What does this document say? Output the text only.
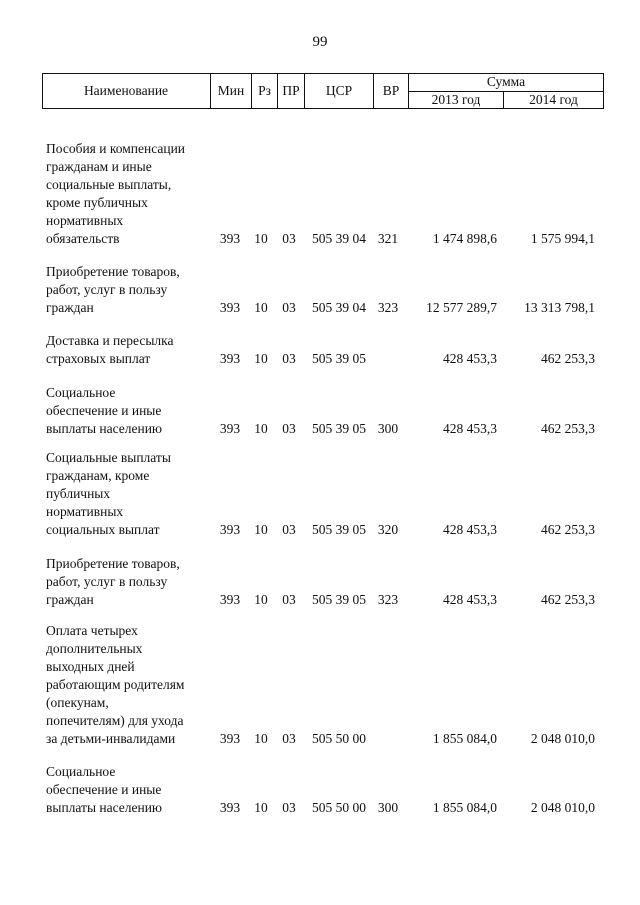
99
Наименование	Мин	Рз ПР	ЦСР	ВР
Сумма
2013 год	2014 год
Пособия и компенсации
гражданам и иные
социальные выплаты,
кроме публичных
нормативных
обязательств	393 10 03	505 39 04 321	1 474 898,6	1 575 994,1
Приобретение товаров,
работ, услуг в пользу
граждан	393 10 03	505 39 04 323	12 577 289,7	13 313 798,1
Доставка и пересылка
страховых выплат	393 10 03	505 39 05	428 453,3	462 253,3
Социальное
обеспечение и иные
выплаты населению	393 10 03	505 39 05 300	428 453,3	462 253,3
Социальные выплаты
гражданам, кроме
публичных
нормативных
социальных выплат	393 10 03	505 39 05 320	428 453,3	462 253,3
Приобретение товаров,
работ, услуг в пользу
граждан	393 10 03	505 39 05 323	428 453,3	462 253,3
Оплата четырех
дополнительных
выходных дней
работающим родителям
(опекунам,
попечителям) для ухода
за детьми-инвалидами	393 10 03	505 50 00	1 855 084,0	2 048 010,0
Социальное
обеспечение и иные
выплаты населению	393 10 03	505 50 00 300	1 855 084,0	2 048 010,0
